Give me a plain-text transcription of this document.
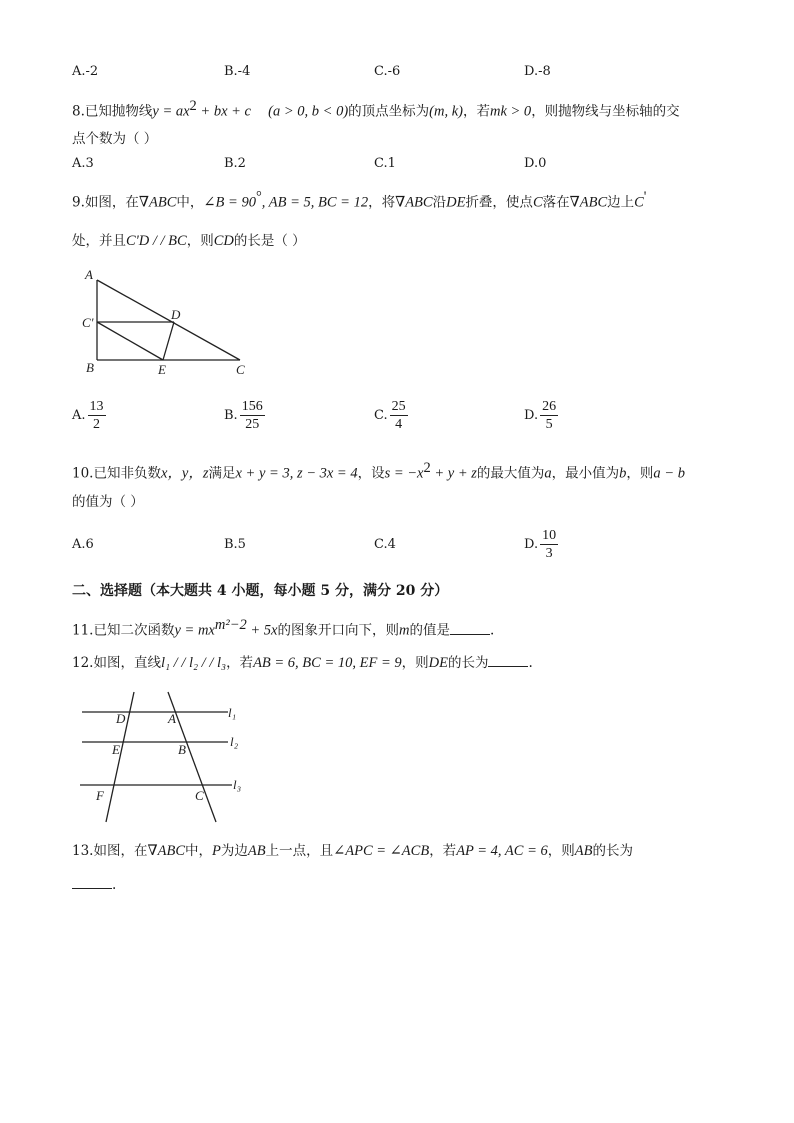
A.-2	B.-4	C.-6	D.-8
8.已知抛物线$y = ax^2$ + bx + c (a > 0, b < 0)的顶点坐标为(m, k)，若mk > 0，则抛物线与坐标轴的交
点个数为（ ）
A.3	B.2	C.1	D.0
9.如图，在∇ABC中，∠B = 90°, AB = 5, BC = 12，将∇ABC沿DE折叠，使点C落在∇ABC边上C'
处，并且C'D / / BC，则CD的长是（ ）
A
C'
D
B	E	C
A. $\frac{13}{2}$	B. $\frac{156}{25}$	C. $\frac{25}{4}$	D. $\frac{26}{5}$
10.已知非负数x，y，z满足x + y = 3, z − 3x = 4，设$s = -x^2 + y + z$的最大值为a，最小值为b，则a − b
的值为（ ）
A.6	B.5	C.4	D. $\frac{10}{3}$
二、选择题（本大题共 4 小题，每小题 5 分，满分 20 分）
11.已知二次函数$y = mx^{m^2-2} + 5x$的图象开口向下，则m的值是	.
12.如图，直线l₁ / / l₂ / / l₃，若AB = 6, BC = 10, EF = 9，则DE的长为	.
D	A	l₁
E	B
l₂
F	C
l₃
13.如图，在∇ABC中，P为边AB上一点，且∠APC = ∠ACB，若AP = 4, AC = 6，则AB的长为
.
